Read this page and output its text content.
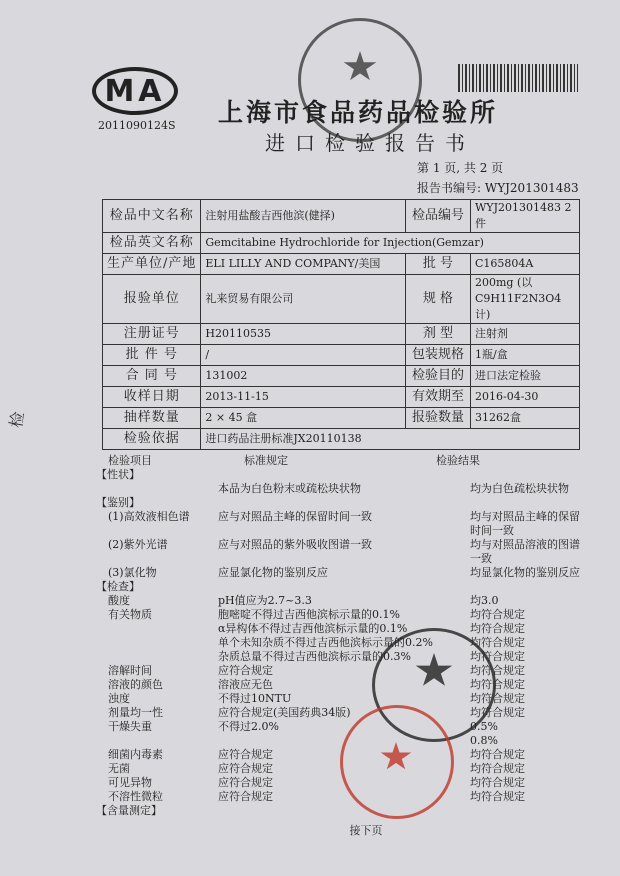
MA
2011090124S 上海市食品药品检验所
进口检验报告书
第 1 页, 共 2 页
报告书编号: WYJ201301483
检
检品中文名称	注射用盐酸吉西他滨(健择)	检品编号	WYJ201301483 2件
检品英文名称	Gemcitabine Hydrochloride for Injection(Gemzar)		
生产单位/产地	ELI LILLY AND COMPANY/美国	批 号	C165804A
报验单位	礼来贸易有限公司	规 格	200mg (以C9H11F2N3O4计)
注册证号	H20110535	剂 型	注射剂
批 件 号	/	包装规格	1瓶/盒
合 同 号	131002	检验目的	进口法定检验
收样日期	2013-11-15	有效期至	2016-04-30
抽样数量	2 × 45 盒	报验数量	31262盒
检验依据	进口药品注册标准JX20110138		
检验项目	标准规定	检验结果
【性状】
本品为白色粉末或疏松块状物	均为白色疏松块状物
【鉴别】
(1)高效液相色谱	应与对照品主峰的保留时间一致	均与对照品主峰的保留
时间一致
(2)紫外光谱	应与对照品的紫外吸收图谱一致	均与对照品溶液的图谱
一致
(3)氯化物	应显氯化物的鉴别反应	均显氯化物的鉴别反应
【检查】
酸度	pH值应为2.7~3.3	均3.0
有关物质	胞嘧啶不得过吉西他滨标示量的0.1%	均符合规定
α异构体不得过吉西他滨标示量的0.1%	均符合规定
单个未知杂质不得过吉西他滨标示量的0.2%	均符合规定
杂质总量不得过吉西他滨标示量的0.3%	均符合规定
溶解时间	应符合规定	均符合规定
溶液的颜色	溶液应无色	均符合规定
浊度	不得过10NTU	均符合规定
剂量均一性	应符合规定(美国药典34版)	均符合规定
干燥失重	不得过2.0%	0.5%
0.8%
细菌内毒素	应符合规定	均符合规定
无菌	应符合规定	均符合规定
可见异物	应符合规定	均符合规定
不溶性微粒	应符合规定	均符合规定
【含量测定】
接下页
